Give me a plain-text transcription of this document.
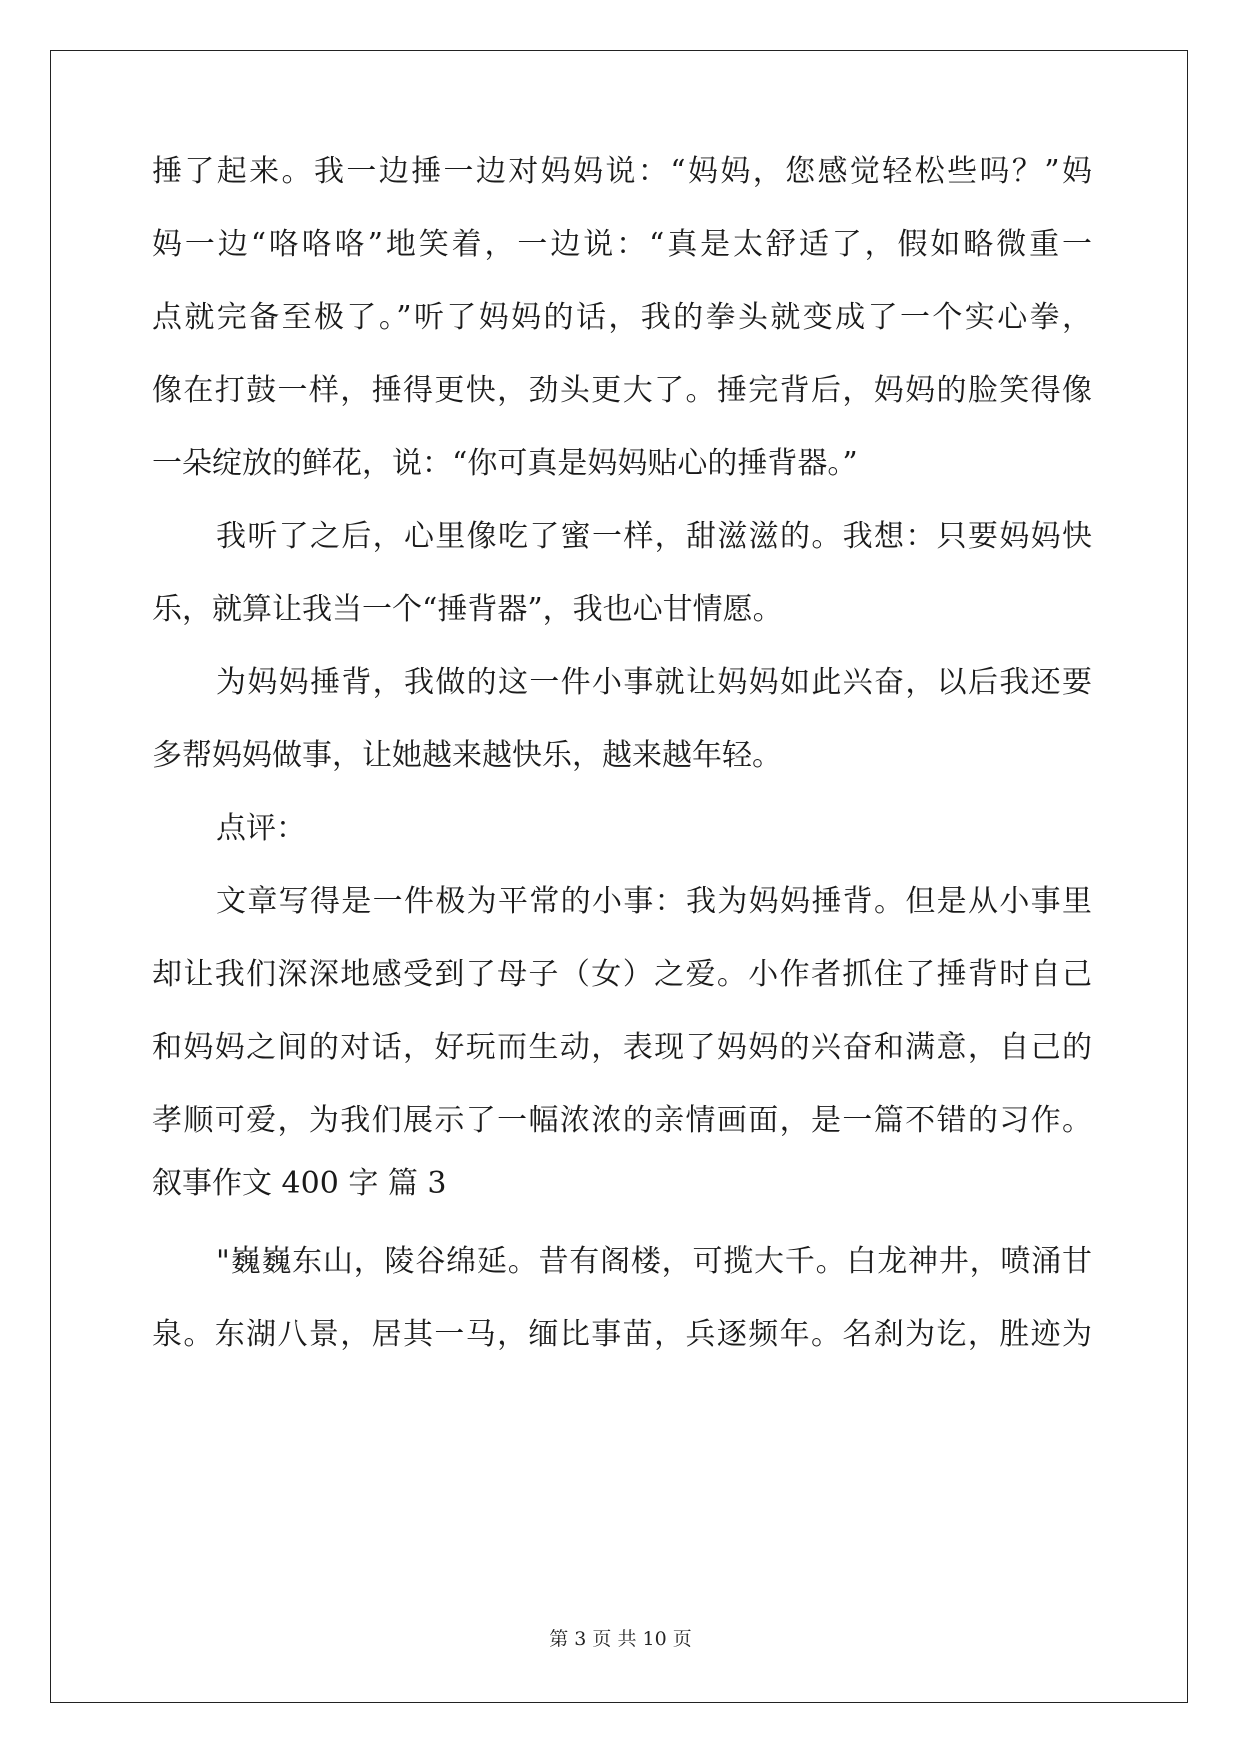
捶了起来。我一边捶一边对妈妈说：“妈妈，您感觉轻松些吗？”妈
妈一边“咯咯咯”地笑着，一边说：“真是太舒适了，假如略微重一
点就完备至极了。”听了妈妈的话，我的拳头就变成了一个实心拳，
像在打鼓一样，捶得更快，劲头更大了。捶完背后，妈妈的脸笑得像
一朵绽放的鲜花，说：“你可真是妈妈贴心的捶背器。”
我听了之后，心里像吃了蜜一样，甜滋滋的。我想：只要妈妈快
乐，就算让我当一个“捶背器”，我也心甘情愿。
为妈妈捶背，我做的这一件小事就让妈妈如此兴奋，以后我还要
多帮妈妈做事，让她越来越快乐，越来越年轻。
点评：
文章写得是一件极为平常的小事：我为妈妈捶背。但是从小事里
却让我们深深地感受到了母子（女）之爱。小作者抓住了捶背时自己
和妈妈之间的对话，好玩而生动，表现了妈妈的兴奋和满意，自己的
孝顺可爱，为我们展示了一幅浓浓的亲情画面，是一篇不错的习作。
叙事作文 400 字 篇 3
"巍巍东山，陵谷绵延。昔有阁楼，可揽大千。白龙神井，喷涌甘
泉。东湖八景，居其一马，缅比事苗，兵逐频年。名刹为讫，胜迹为
第 3 页 共 10 页
